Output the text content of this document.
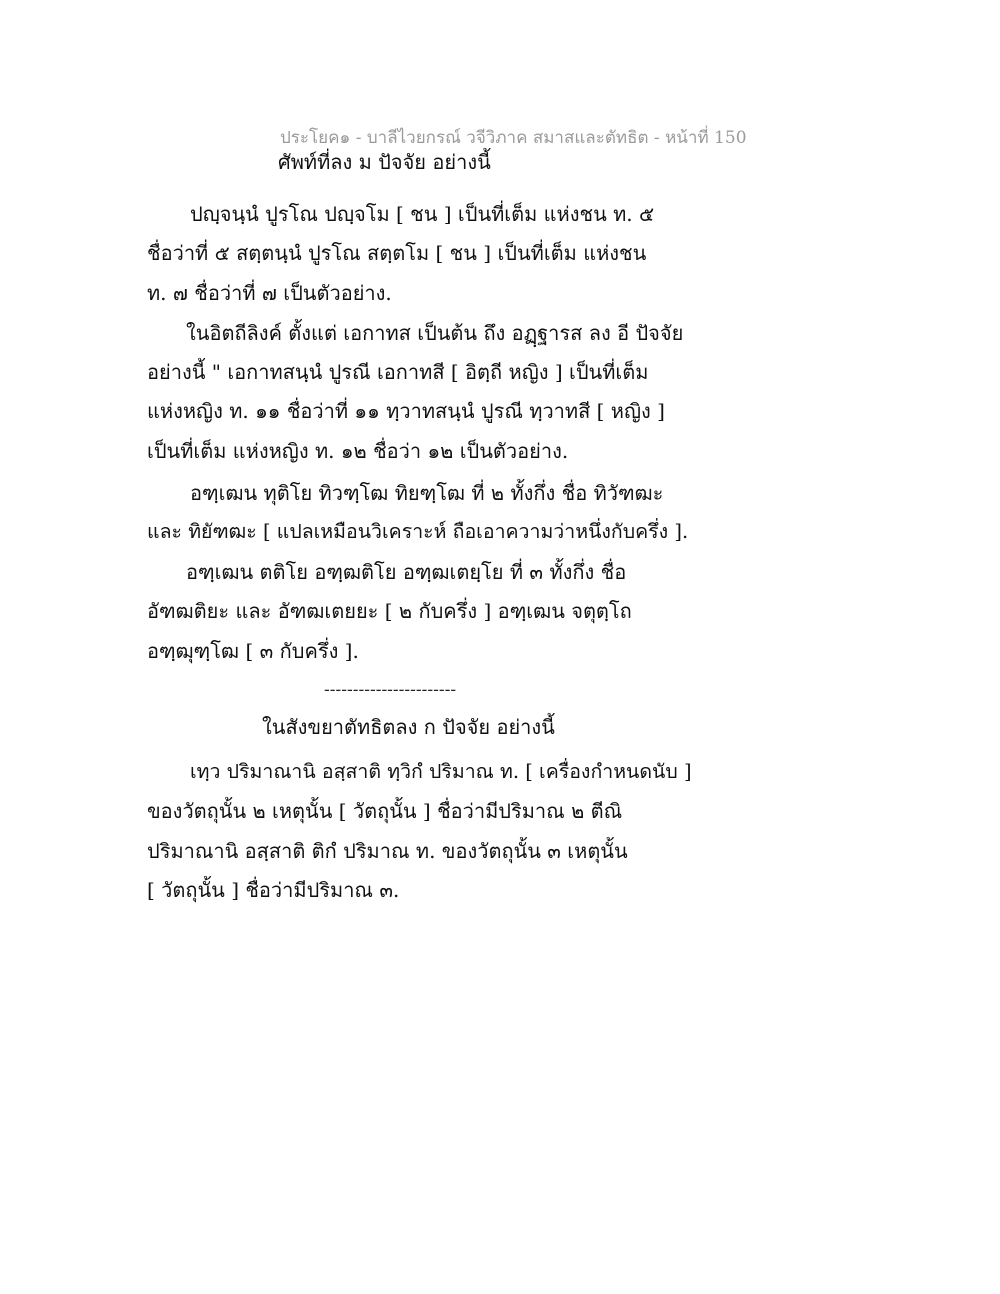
ประโยค๑ - บาลีไวยกรณ์ วจีวิภาค สมาสและตัทธิต - หน้าที่ 150
ศัพท์ที่ลง ม ปัจจัย อย่างนี้
ปญฺจนฺนํ ปูรโณ ปญฺจโม [ ชน ] เป็นที่เต็ม แห่งชน ท. ๕
ชื่อว่าที่ ๕ สตฺตนฺนํ ปูรโณ สตฺตโม [ ชน ] เป็นที่เต็ม แห่งชน
ท. ๗ ชื่อว่าที่ ๗ เป็นตัวอย่าง.
ในอิตถีลิงค์ ตั้งแต่ เอกาทส เป็นต้น ถึง อฏฺฐารส ลง อี ปัจจัย
อย่างนี้ " เอกาทสนฺนํ ปูรณี เอกาทสี [ อิตฺถี หญิง ] เป็นที่เต็ม
แห่งหญิง ท. ๑๑ ชื่อว่าที่ ๑๑ ทฺวาทสนฺนํ ปูรณี ทฺวาทสี [ หญิง ]
เป็นที่เต็ม แห่งหญิง ท. ๑๒ ชื่อว่า ๑๒ เป็นตัวอย่าง.
อฑฺเฒน ทุติโย ทิวฑฺโฒ ทิยฑฺโฒ ที่ ๒ ทั้งกึ่ง ชื่อ ทิวัฑฒะ
และ ทิยัฑฒะ [ แปลเหมือนวิเคราะห์ ถือเอาความว่าหนึ่งกับครึ่ง ].
อฑฺเฒน ตติโย อฑฺฒติโย อฑฺฒเตยฺโย ที่ ๓ ทั้งกึ่ง ชื่อ
อัฑฒติยะ และ อัฑฒเตยยะ [ ๒ กับครึ่ง ] อฑฺเฒน จตุตฺโถ
อฑฺฒุฑฺโฒ [ ๓ กับครึ่ง ].
-----------------------
ในสังขยาตัทธิตลง ก ปัจจัย อย่างนี้
เทฺว ปริมาณานิ อสฺสาติ ทฺวิกํ ปริมาณ ท. [ เครื่องกำหนดนับ ]
ของวัตถุนั้น ๒ เหตุนั้น [ วัตถุนั้น ] ชื่อว่ามีปริมาณ ๒ ตีณิ
ปริมาณานิ อสฺสาติ ติกํ ปริมาณ ท. ของวัตถุนั้น ๓ เหตุนั้น
[ วัตถุนั้น ] ชื่อว่ามีปริมาณ ๓.
